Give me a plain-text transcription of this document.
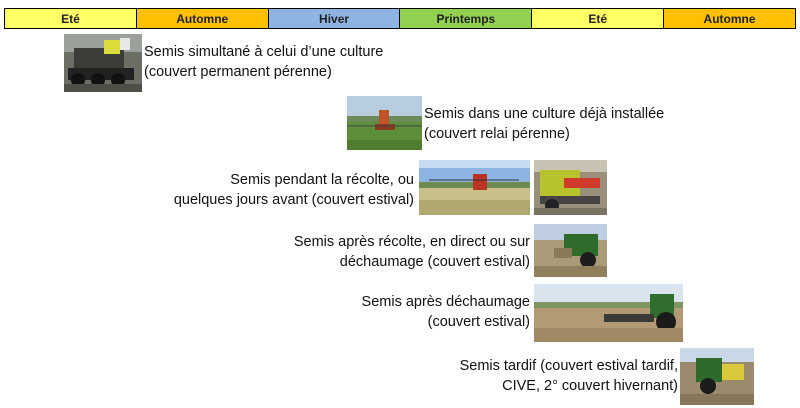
Eté	Automne	Hiver	Printemps	Eté	Automne
Semis simultané à celui d’une culture
(couvert permanent pérenne)
Semis dans une culture déjà installée
(couvert relai pérenne)
Semis pendant la récolte, ou
quelques jours avant (couvert estival)
Semis après récolte, en direct ou sur
déchaumage (couvert estival)
Semis après déchaumage
(couvert estival)
Semis tardif (couvert estival tardif,
CIVE, 2° couvert hivernant)
